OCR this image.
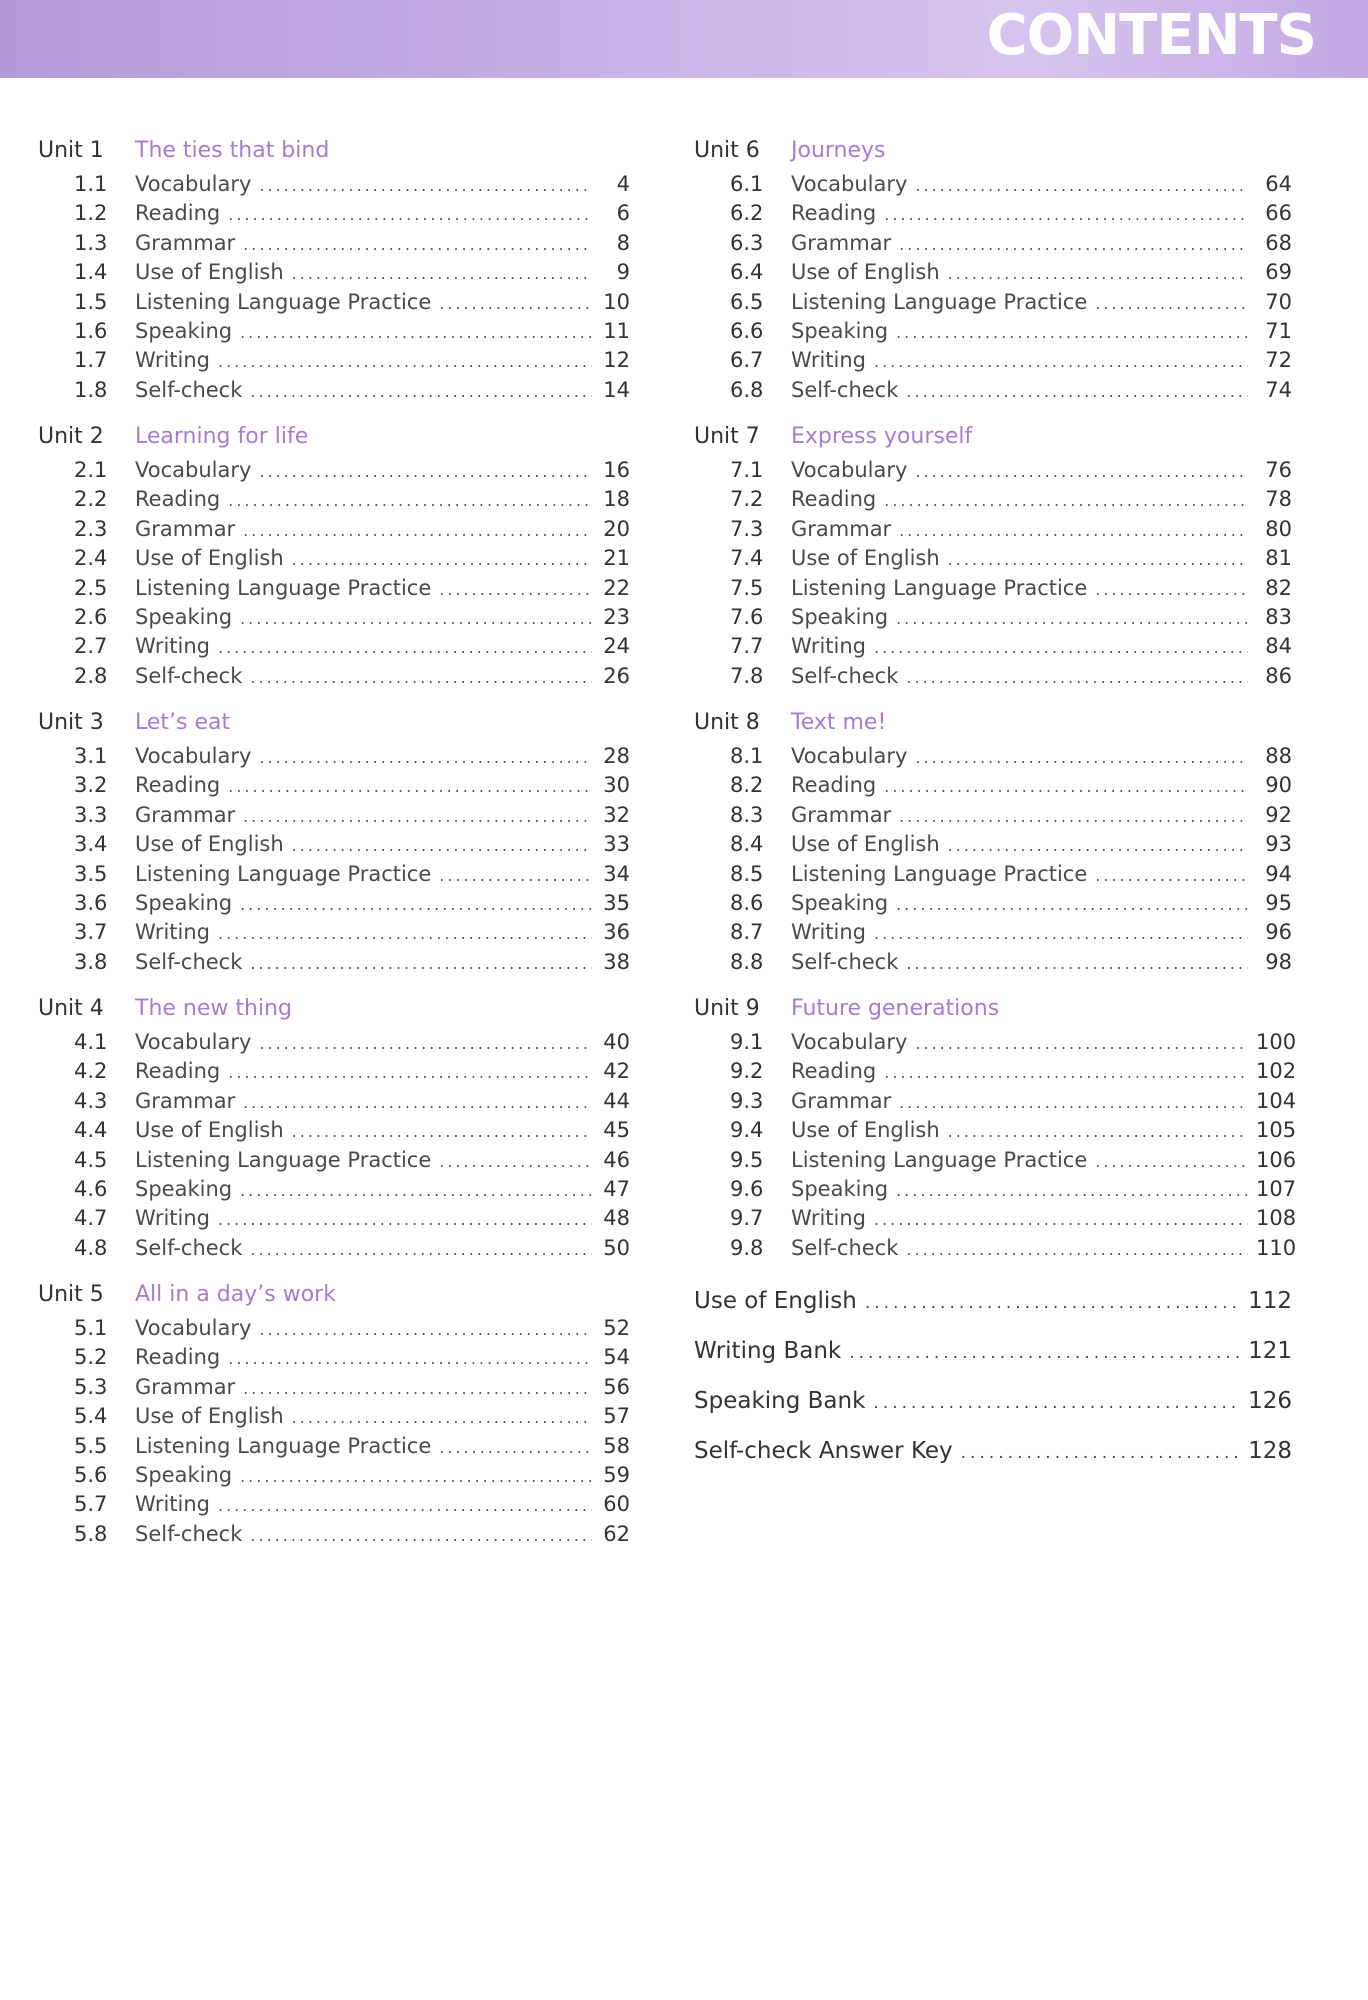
CONTENTS
Unit 1	The ties that bind
1.1	Vocabulary .....	4
1.2	Reading .....	6
1.3	Grammar .....	8
1.4	Use of English .....	9
1.5	Listening Language Practice .....	10
1.6	Speaking .....	11
1.7	Writing .....	12
1.8	Self-check .....	14
Unit 2	Learning for life
2.1	Vocabulary .....	16
2.2	Reading .....	18
2.3	Grammar .....	20
2.4	Use of English .....	21
2.5	Listening Language Practice .....	22
2.6	Speaking .....	23
2.7	Writing .....	24
2.8	Self-check .....	26
Unit 3	Let’s eat
3.1	Vocabulary .....	28
3.2	Reading .....	30
3.3	Grammar .....	32
3.4	Use of English .....	33
3.5	Listening Language Practice .....	34
3.6	Speaking .....	35
3.7	Writing .....	36
3.8	Self-check .....	38
Unit 4	The new thing
4.1	Vocabulary .....	40
4.2	Reading .....	42
4.3	Grammar .....	44
4.4	Use of English .....	45
4.5	Listening Language Practice .....	46
4.6	Speaking .....	47
4.7	Writing .....	48
4.8	Self-check .....	50
Unit 5	All in a day’s work
5.1	Vocabulary .....	52
5.2	Reading .....	54
5.3	Grammar .....	56
5.4	Use of English .....	57
5.5	Listening Language Practice .....	58
5.6	Speaking .....	59
5.7	Writing .....	60
5.8	Self-check .....	62
Unit 6	Journeys
6.1	Vocabulary .....	64
6.2	Reading .....	66
6.3	Grammar .....	68
6.4	Use of English .....	69
6.5	Listening Language Practice .....	70
6.6	Speaking .....	71
6.7	Writing .....	72
6.8	Self-check .....	74
Unit 7	Express yourself
7.1	Vocabulary .....	76
7.2	Reading .....	78
7.3	Grammar .....	80
7.4	Use of English .....	81
7.5	Listening Language Practice .....	82
7.6	Speaking .....	83
7.7	Writing .....	84
7.8	Self-check .....	86
Unit 8	Text me!
8.1	Vocabulary .....	88
8.2	Reading .....	90
8.3	Grammar .....	92
8.4	Use of English .....	93
8.5	Listening Language Practice .....	94
8.6	Speaking .....	95
8.7	Writing .....	96
8.8	Self-check .....	98
Unit 9	Future generations
9.1	Vocabulary .....	100
9.2	Reading .....	102
9.3	Grammar .....	104
9.4	Use of English .....	105
9.5	Listening Language Practice .....	106
9.6	Speaking .....	107
9.7	Writing .....	108
9.8	Self-check .....	110
Use of English .....	112
Writing Bank .....	121
Speaking Bank .....	126
Self-check Answer Key .....	128
